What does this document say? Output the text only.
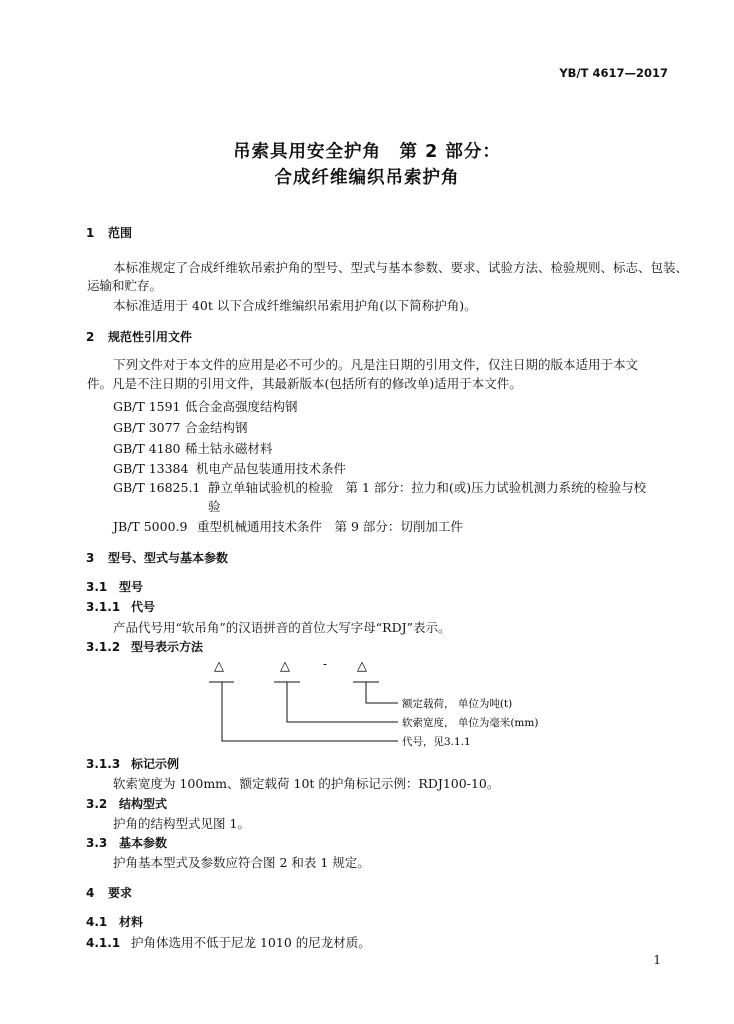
YB/T 4617—2017
吊索具用安全护角　第 2 部分：
合成纤维编织吊索护角
1 范围
本标准规定了合成纤维软吊索护角的型号、型式与基本参数、要求、试验方法、检验规则、标志、包装、
运输和贮存。
本标准适用于 40t 以下合成纤维编织吊索用护角(以下简称护角)。
2 规范性引用文件
下列文件对于本文件的应用是必不可少的。凡是注日期的引用文件，仅注日期的版本适用于本文
件。凡是不注日期的引用文件，其最新版本(包括所有的修改单)适用于本文件。
GB/T 1591 低合金高强度结构钢
GB/T 3077 合金结构钢
GB/T 4180 稀土钴永磁材料
GB/T 13384 机电产品包装通用技术条件
GB/T 16825.1 静立单轴试验机的检验　第 1 部分：拉力和(或)压力试验机测力系统的检验与校
验
JB/T 5000.9 重型机械通用技术条件　第 9 部分：切削加工件
3 型号、型式与基本参数
3.1 型号
3.1.1 代号
产品代号用“软吊角”的汉语拼音的首位大写字母“RDJ”表示。
3.1.2 型号表示方法
△	△	- △
额定载荷， 单位为吨(t)
软索宽度， 单位为毫米(mm)
代号，见3.1.1
3.1.3 标记示例
软索宽度为 100mm、额定载荷 10t 的护角标记示例：RDJ100-10。
3.2 结构型式
护角的结构型式见图 1。
3.3 基本参数
护角基本型式及参数应符合图 2 和表 1 规定。
4 要求
4.1 材料
4.1.1 护角体选用不低于尼龙 1010 的尼龙材质。
1
